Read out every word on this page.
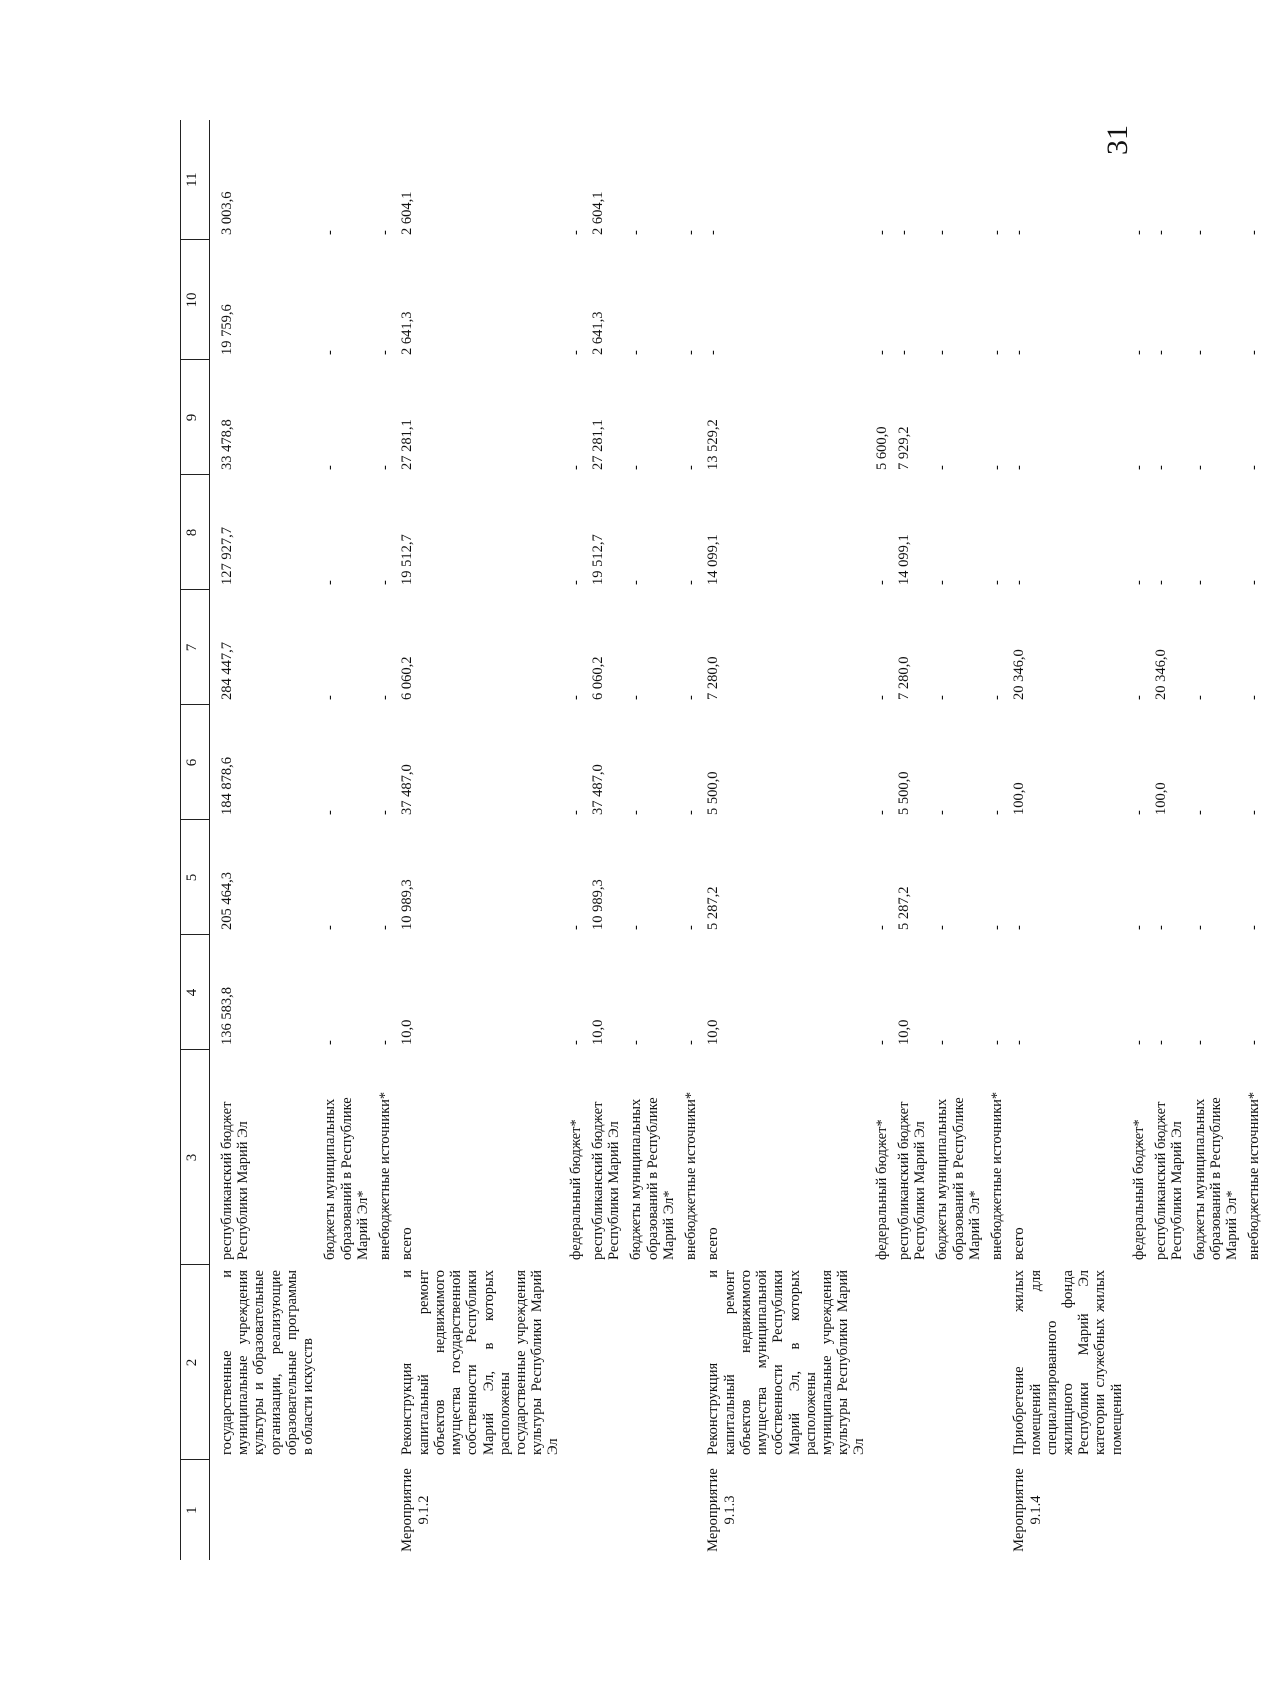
31
1	2	3	4	5	6	7	8	9	10	11

	государственные и муниципальные учреждения культуры и образовательные организации, реализующие образовательные программы в области искусств	республиканский бюджет Республики Марий Эл	136 583,8	205 464,3	184 878,6	284 447,7	127 927,7	33 478,8	19 759,6	3 003,6
		бюджеты муниципальных образований в Республике Марий Эл*	-	-	-	-	-	-	-	-
		внебюджетные источники*	-	-	-	-	-	-	-	-
Мероприятие 9.1.2	Реконструкция и капитальный ремонт объектов недвижимого имущества государственной собственности Республики Марий Эл, в которых расположены государственные учреждения культуры Республики Марий Эл	всего	10,0	10 989,3	37 487,0	6 060,2	19 512,7	27 281,1	2 641,3	2 604,1
		федеральный бюджет*	-	-	-	-	-	-	-	-
		республиканский бюджет Республики Марий Эл	10,0	10 989,3	37 487,0	6 060,2	19 512,7	27 281,1	2 641,3	2 604,1
		бюджеты муниципальных образований в Республике Марий Эл*	-	-	-	-	-	-	-	-
		внебюджетные источники*	-	-	-	-	-	-	-	-
Мероприятие 9.1.3	Реконструкция и капитальный ремонт объектов недвижимого имущества муниципальной собственности Республики Марий Эл, в которых расположены муниципальные учреждения культуры Республики Марий Эл	всего	10,0	5 287,2	5 500,0	7 280,0	14 099,1	13 529,2	-	-
		федеральный бюджет*	-	-	-	-	-	5 600,0	-	-
		республиканский бюджет Республики Марий Эл	10,0	5 287,2	5 500,0	7 280,0	14 099,1	7 929,2	-	-
		бюджеты муниципальных образований в Республике Марий Эл*	-	-	-	-	-	-	-	-
		внебюджетные источники*	-	-	-	-	-	-	-	-
Мероприятие 9.1.4	Приобретение жилых помещений для специализированного жилищного фонда Республики Марий Эл категории служебных жилых помещений	всего	-	-	100,0	20 346,0	-	-	-	-
		федеральный бюджет*	-	-	-	-	-	-	-	-
		республиканский бюджет Республики Марий Эл	-	-	100,0	20 346,0	-	-	-	-
		бюджеты муниципальных образований в Республике Марий Эл*	-	-	-	-	-	-	-	-
		внебюджетные источники*	-	-	-	-	-	-	-	-
